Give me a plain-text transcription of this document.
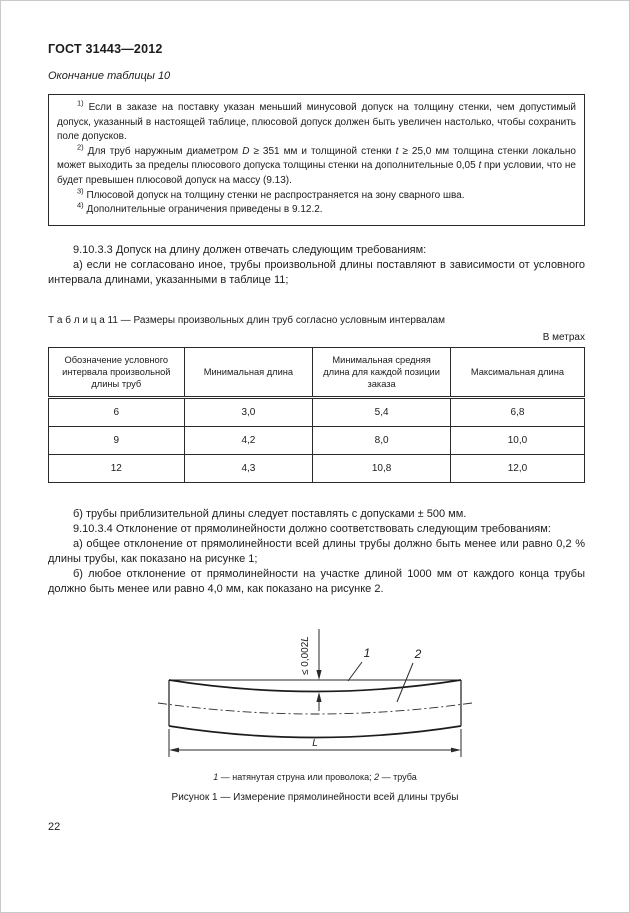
ГОСТ 31443—2012
Окончание таблицы 10

$^{1)}$ Если в заказе на поставку указан меньший минусовой допуск на толщину стенки, чем допустимый допуск, указанный в настоящей таблице, плюсовой допуск должен быть увеличен настолько, чтобы сохранить поле допусков.

$^{2)}$ Для труб наружным диаметром D ≥ 351 мм и толщиной стенки t ≥ 25,0 мм толщина стенки локально может выходить за пределы плюсового допуска толщины стенки на дополнительные 0,05 t при условии, что не будет превышен плюсовой допуск на массу (9.13).

$^{3)}$ Плюсовой допуск на толщину стенки не распространяется на зону сварного шва.

$^{4)}$ Дополнительные ограничения приведены в 9.12.2.

9.10.3.3 Допуск на длину должен отвечать следующим требованиям:

а) если не согласовано иное, трубы произвольной длины поставляют в зависимости от условного интервала длинами, указанными в таблице 11;

Т а б л и ц а 11 — Размеры произвольных длин труб согласно условным интервалам
В метрах
Обозначение условного интервала произвольной длины труб	Минимальная длина	Минимальная средняя длина для каждой позиции заказа	Максимальная длина
6	3,0	5,4	6,8
9	4,2	8,0	10,0
12	4,3	10,8	12,0

б) трубы приблизительной длины следует поставлять с допусками ± 500 мм.

9.10.3.4 Отклонение от прямолинейности должно соответствовать следующим требованиям:

а) общее отклонение от прямолинейности всей длины трубы должно быть менее или равно 0,2 % длины трубы, как показано на рисунке 1;

б) любое отклонение от прямолинейности на участке длиной 1000 мм от каждого конца трубы должно быть менее или равно 4,0 мм, как показано на рисунке 2.

≤ 0,002L
1	2
L
1 — натянутая струна или проволока; 2 — труба
Рисунок 1 — Измерение прямолинейности всей длины трубы
22
